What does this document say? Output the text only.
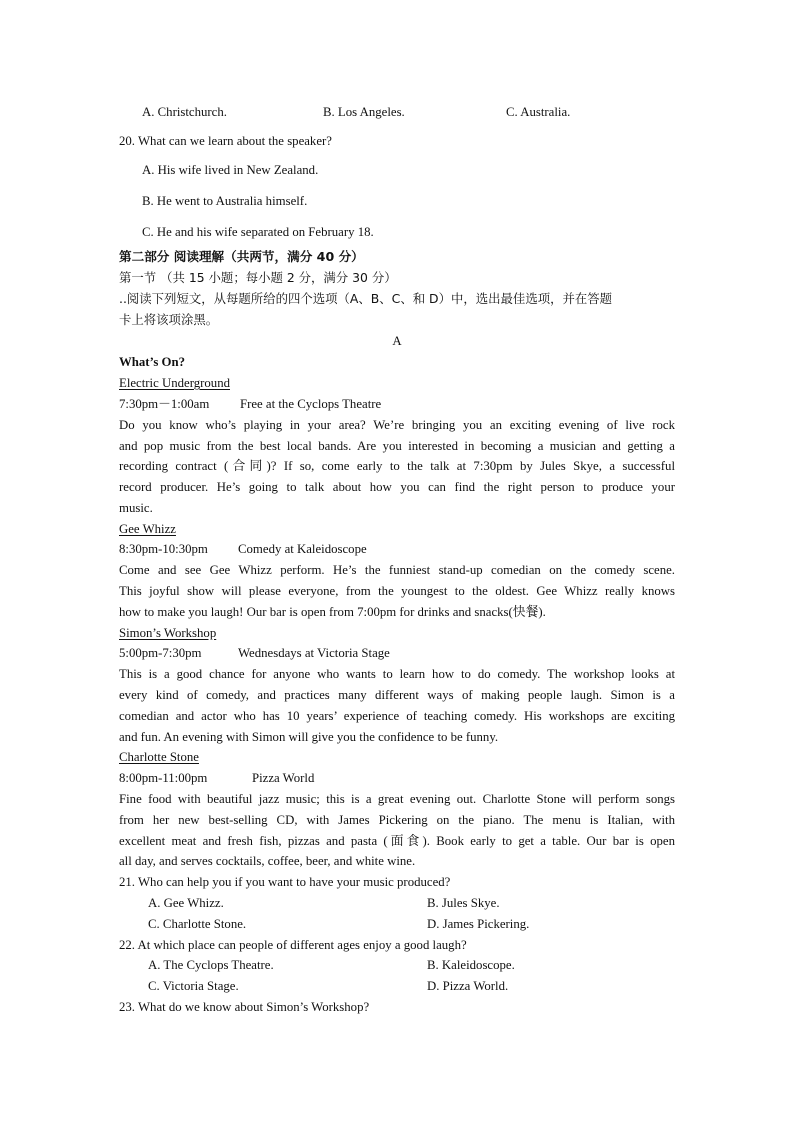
A. Christchurch.	B. Los Angeles.	C. Australia.
20. What can we learn about the speaker?
A. His wife lived in New Zealand.
B. He went to Australia himself.
C. He and his wife separated on February 18.
第二部分 阅读理解（共两节，满分 40 分）
第一节 （共 15 小题；每小题 2 分，满分 30 分）
..阅读下列短文，从每题所给的四个选项（A、B、C、和 D）中，选出最佳选项，并在答题
卡上将该项涂黑。
A
What’s On?
Electric Underground
7:30pm－1:00am Free at the Cyclops Theatre
Do you know who’s playing in your area? We’re bringing you an exciting evening of live rock
and pop music from the best local bands. Are you interested in becoming a musician and getting a
recording contract (合同)? If so, come early to the talk at 7:30pm by Jules Skye, a successful
record producer. He’s going to talk about how you can find the right person to produce your
music.
Gee Whizz
8:30pm-10:30pm Comedy at Kaleidoscope
Come and see Gee Whizz perform. He’s the funniest stand-up comedian on the comedy scene.
This joyful show will please everyone, from the youngest to the oldest. Gee Whizz really knows
how to make you laugh! Our bar is open from 7:00pm for drinks and snacks(快餐).
Simon’s Workshop
5:00pm-7:30pm	Wednesdays at Victoria Stage
This is a good chance for anyone who wants to learn how to do comedy. The workshop looks at
every kind of comedy, and practices many different ways of making people laugh. Simon is a
comedian and actor who has 10 years’ experience of teaching comedy. His workshops are exciting
and fun. An evening with Simon will give you the confidence to be funny.
Charlotte Stone
8:00pm-11:00pm	Pizza World
Fine food with beautiful jazz music; this is a great evening out. Charlotte Stone will perform songs
from her new best-selling CD, with James Pickering on the piano. The menu is Italian, with
excellent meat and fresh fish, pizzas and pasta (面食). Book early to get a table. Our bar is open
all day, and serves cocktails, coffee, beer, and white wine.
21. Who can help you if you want to have your music produced?
A. Gee Whizz.	B. Jules Skye.
C. Charlotte Stone.	D. James Pickering.
22. At which place can people of different ages enjoy a good laugh?
A. The Cyclops Theatre.	B. Kaleidoscope.
C. Victoria Stage.	D. Pizza World.
23. What do we know about Simon’s Workshop?
